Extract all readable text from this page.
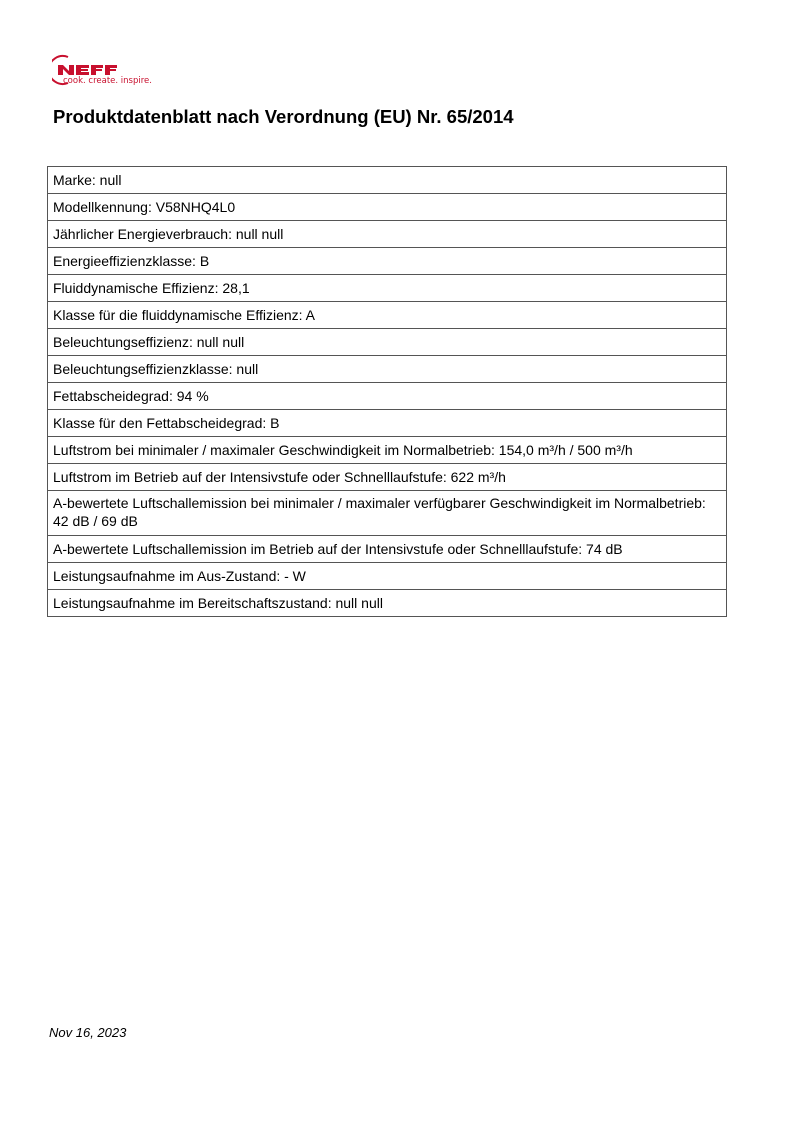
cook. create. inspire.
Produktdatenblatt nach Verordnung (EU) Nr. 65/2014
Marke: null
Modellkennung: V58NHQ4L0
Jährlicher Energieverbrauch: null null
Energieeffizienzklasse: B
Fluiddynamische Effizienz: 28,1
Klasse für die fluiddynamische Effizienz: A
Beleuchtungseffizienz: null null
Beleuchtungseffizienzklasse: null
Fettabscheidegrad: 94 %
Klasse für den Fettabscheidegrad: B
Luftstrom bei minimaler / maximaler Geschwindigkeit im Normalbetrieb: 154,0 m³/h / 500 m³/h
Luftstrom im Betrieb auf der Intensivstufe oder Schnelllaufstufe: 622 m³/h
A-bewertete Luftschallemission bei minimaler / maximaler verfügbarer Geschwindigkeit im Normalbetrieb: 42 dB / 69 dB
A-bewertete Luftschallemission im Betrieb auf der Intensivstufe oder Schnelllaufstufe: 74 dB
Leistungsaufnahme im Aus-Zustand: - W
Leistungsaufnahme im Bereitschaftszustand: null null
Nov 16, 2023
